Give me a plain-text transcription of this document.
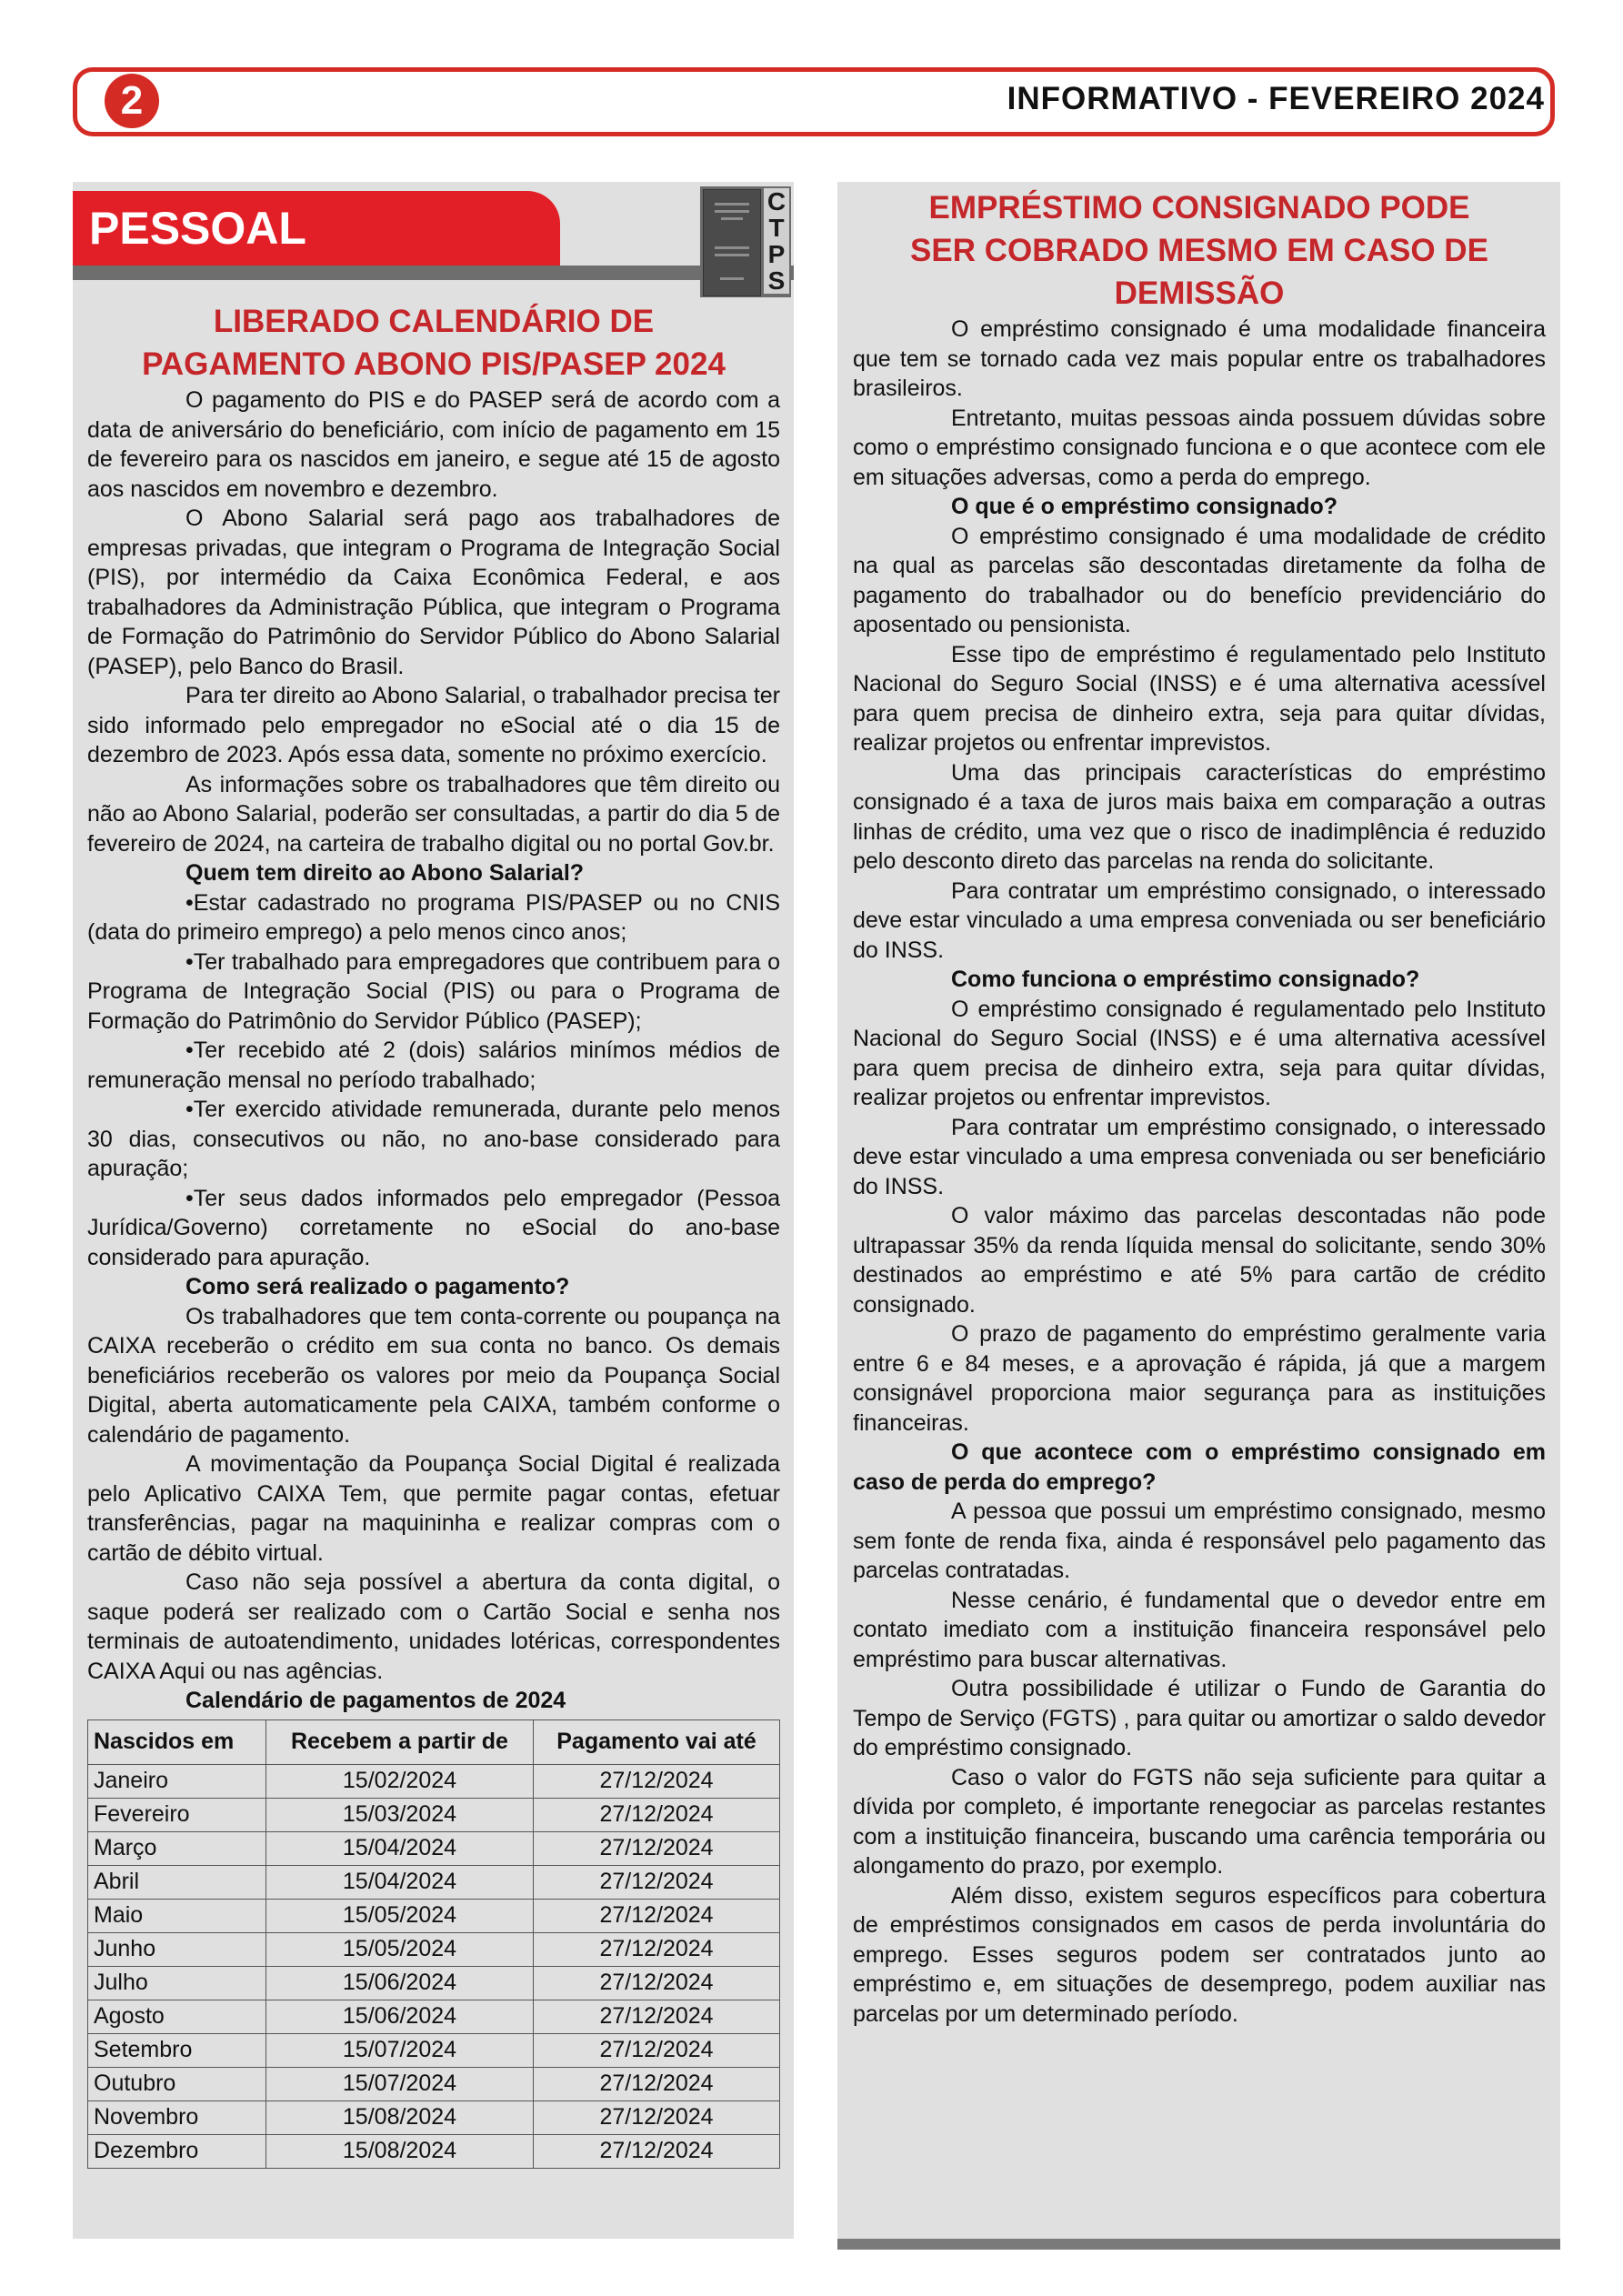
2	INFORMATIVO - FEVEREIRO 2024
PESSOAL
C
T
P
S
LIBERADO CALENDÁRIO DE
PAGAMENTO ABONO PIS/PASEP 2024

O pagamento do PIS e do PASEP será de acordo com a data de aniversário do beneficiário, com início de pagamento em 15 de fevereiro para os nascidos em janeiro, e segue até 15 de agosto aos nascidos em novembro e dezembro.

O Abono Salarial será pago aos trabalhadores de empresas privadas, que integram o Programa de Integração Social (PIS), por intermédio da Caixa Econômica Federal, e aos trabalhadores da Administração Pública, que integram o Programa de Formação do Patrimônio do Servidor Público do Abono Salarial (PASEP), pelo Banco do Brasil.

Para ter direito ao Abono Salarial, o trabalhador precisa ter sido informado pelo empregador no eSocial até o dia 15 de dezembro de 2023. Após essa data, somente no próximo exercício.

As informações sobre os trabalhadores que têm direito ou não ao Abono Salarial, poderão ser consultadas, a partir do dia 5 de fevereiro de 2024, na carteira de trabalho digital ou no portal Gov.br.

Quem tem direito ao Abono Salarial?

•Estar cadastrado no programa PIS/PASEP ou no CNIS (data do primeiro emprego) a pelo menos cinco anos;

•Ter trabalhado para empregadores que contribuem para o Programa de Integração Social (PIS) ou para o Programa de Formação do Patrimônio do Servidor Público (PASEP);

•Ter recebido até 2 (dois) salários minímos médios de remuneração mensal no período trabalhado;

•Ter exercido atividade remunerada, durante pelo menos 30 dias, consecutivos ou não, no ano-base considerado para apuração;

•Ter seus dados informados pelo empregador (Pessoa Jurídica/Governo) corretamente no eSocial do ano-base considerado para apuração.

Como será realizado o pagamento?

Os trabalhadores que tem conta-corrente ou poupança na CAIXA receberão o crédito em sua conta no banco. Os demais beneficiários receberão os valores por meio da Poupança Social Digital, aberta automaticamente pela CAIXA, também conforme o calendário de pagamento.

A movimentação da Poupança Social Digital é realizada pelo Aplicativo CAIXA Tem, que permite pagar contas, efetuar transferências, pagar na maquininha e realizar compras com o cartão de débito virtual.

Caso não seja possível a abertura da conta digital, o saque poderá ser realizado com o Cartão Social e senha nos terminais de autoatendimento, unidades lotéricas, correspondentes CAIXA Aqui ou nas agências.

Calendário de pagamentos de 2024

Nascidos em	Recebem a partir de	Pagamento vai até
Janeiro	15/02/2024	27/12/2024
Fevereiro	15/03/2024	27/12/2024
Março	15/04/2024	27/12/2024
Abril	15/04/2024	27/12/2024
Maio	15/05/2024	27/12/2024
Junho	15/05/2024	27/12/2024
Julho	15/06/2024	27/12/2024
Agosto	15/06/2024	27/12/2024
Setembro	15/07/2024	27/12/2024
Outubro	15/07/2024	27/12/2024
Novembro	15/08/2024	27/12/2024
Dezembro	15/08/2024	27/12/2024
EMPRÉSTIMO CONSIGNADO PODE
SER COBRADO MESMO EM CASO DE
DEMISSÃO

O empréstimo consignado é uma modalidade financeira que tem se tornado cada vez mais popular entre os trabalhadores brasileiros.

Entretanto, muitas pessoas ainda possuem dúvidas sobre como o empréstimo consignado funciona e o que acontece com ele em situações adversas, como a perda do emprego.

O que é o empréstimo consignado?

O empréstimo consignado é uma modalidade de crédito na qual as parcelas são descontadas diretamente da folha de pagamento do trabalhador ou do benefício previdenciário do aposentado ou pensionista.

Esse tipo de empréstimo é regulamentado pelo Instituto Nacional do Seguro Social (INSS) e é uma alternativa acessível para quem precisa de dinheiro extra, seja para quitar dívidas, realizar projetos ou enfrentar imprevistos.

Uma das principais características do empréstimo consignado é a taxa de juros mais baixa em comparação a outras linhas de crédito, uma vez que o risco de inadimplência é reduzido pelo desconto direto das parcelas na renda do solicitante.

Para contratar um empréstimo consignado, o interessado deve estar vinculado a uma empresa conveniada ou ser beneficiário do INSS.

Como funciona o empréstimo consignado?

O empréstimo consignado é regulamentado pelo Instituto Nacional do Seguro Social (INSS) e é uma alternativa acessível para quem precisa de dinheiro extra, seja para quitar dívidas, realizar projetos ou enfrentar imprevistos.

Para contratar um empréstimo consignado, o interessado deve estar vinculado a uma empresa conveniada ou ser beneficiário do INSS.

O valor máximo das parcelas descontadas não pode ultrapassar 35% da renda líquida mensal do solicitante, sendo 30% destinados ao empréstimo e até 5% para cartão de crédito consignado.

O prazo de pagamento do empréstimo geralmente varia entre 6 e 84 meses, e a aprovação é rápida, já que a margem consignável proporciona maior segurança para as instituições financeiras.

O que acontece com o empréstimo consignado em caso de perda do emprego?

A pessoa que possui um empréstimo consignado, mesmo sem fonte de renda fixa, ainda é responsável pelo pagamento das parcelas contratadas.

Nesse cenário, é fundamental que o devedor entre em contato imediato com a instituição financeira responsável pelo empréstimo para buscar alternativas.

Outra possibilidade é utilizar o Fundo de Garantia do Tempo de Serviço (FGTS) , para quitar ou amortizar o saldo devedor do empréstimo consignado.

Caso o valor do FGTS não seja suficiente para quitar a dívida por completo, é importante renegociar as parcelas restantes com a instituição financeira, buscando uma carência temporária ou alongamento do prazo, por exemplo.

Além disso, existem seguros específicos para cobertura de empréstimos consignados em casos de perda involuntária do emprego. Esses seguros podem ser contratados junto ao empréstimo e, em situações de desemprego, podem auxiliar nas parcelas por um determinado período.
